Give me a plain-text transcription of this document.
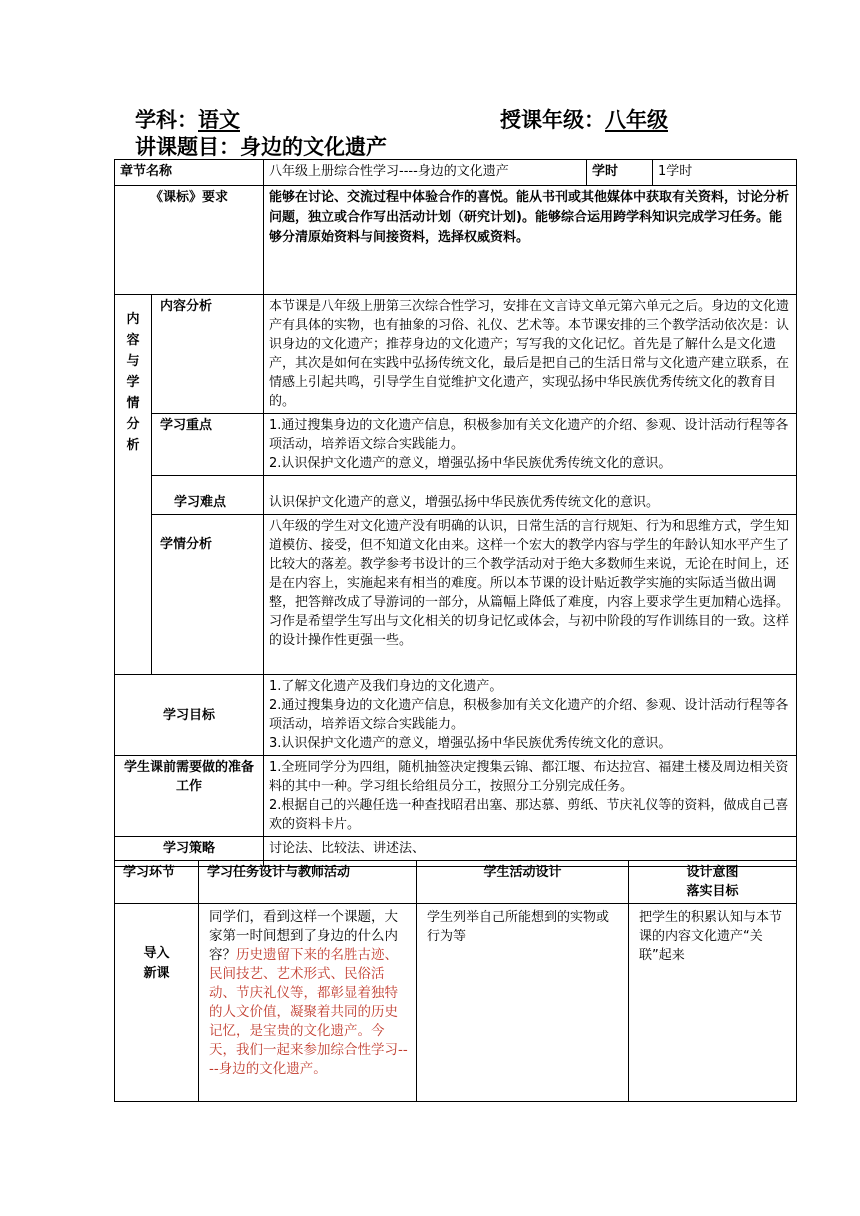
学科：语文	授课年级：八年级
讲课题目：身边的文化遗产
章节名称		八年级上册综合性学习----身边的文化遗产	学时	1学时
《课标》要求		能够在讨论、交流过程中体验合作的喜悦。能从书刊或其他媒体中获取有关资料，讨论分析问题，独立或合作写出活动计划（研究计划)。能够综合运用跨学科知识完成学习任务。能够分清原始资料与间接资料，选择权威资料。		

内容与学情分析	内容分析	本节课是八年级上册第三次综合性学习，安排在文言诗文单元第六单元之后。身边的文化遗产有具体的实物，也有抽象的习俗、礼仪、艺术等。本节课安排的三个教学活动依次是：认识身边的文化遗产；推荐身边的文化遗产；写写我的文化记忆。首先是了解什么是文化遗产，其次是如何在实践中弘扬传统文化，最后是把自己的生活日常与文化遗产建立联系，在情感上引起共鸣，引导学生自觉维护文化遗产，实现弘扬中华民族优秀传统文化的教育目的。		
	学习重点	1.通过搜集身边的文化遗产信息，积极参加有关文化遗产的介绍、参观、设计活动行程等各项活动，培养语文综合实践能力。
2.认识保护文化遗产的意义，增强弘扬中华民族优秀传统文化的意识。		

	学习难点	认识保护文化遗产的意义，增强弘扬中华民族优秀传统文化的意识。		
	学情分析	八年级的学生对文化遗产没有明确的认识，日常生活的言行规矩、行为和思维方式，学生知道模仿、接受，但不知道文化由来。这样一个宏大的教学内容与学生的年龄认知水平产生了比较大的落差。教学参考书设计的三个教学活动对于绝大多数师生来说，无论在时间上，还是在内容上，实施起来有相当的难度。所以本节课的设计贴近教学实施的实际适当做出调整，把答辩改成了导游词的一部分，从篇幅上降低了难度，内容上要求学生更加精心选择。习作是希望学生写出与文化相关的切身记忆或体会，与初中阶段的写作训练目的一致。这样的设计操作性更强一些。		
学习目标		1.了解文化遗产及我们身边的文化遗产。
2.通过搜集身边的文化遗产信息，积极参加有关文化遗产的介绍、参观、设计活动行程等各项活动，培养语文综合实践能力。
3.认识保护文化遗产的意义，增强弘扬中华民族优秀传统文化的意识。		

学生课前需要做的准备工作		1.全班同学分为四组，随机抽签决定搜集云锦、都江堰、布达拉宫、福建土楼及周边相关资料的其中一种。学习组长给组员分工，按照分工分别完成任务。
2.根据自己的兴趣任选一种查找昭君出塞、那达慕、剪纸、节庆礼仪等的资料，做成自己喜欢的资料卡片。		

学习策略		讨论法、比较法、讲述法、		
学习环节	学习任务设计与教师活动	学生活动设计	设计意图
落实目标

导入
新课	同学们，看到这样一个课题，大家第一时间想到了身边的什么内容？历史遗留下来的名胜古迹、民间技艺、艺术形式、民俗活动、节庆礼仪等，都彰显着独特的人文价值，凝聚着共同的历史记忆，是宝贵的文化遗产。今天，我们一起来参加综合性学习----身边的文化遗产。	学生列举自己所能想到的实物或行为等	把学生的积累认知与本节课的内容文化遗产“关联”起来
